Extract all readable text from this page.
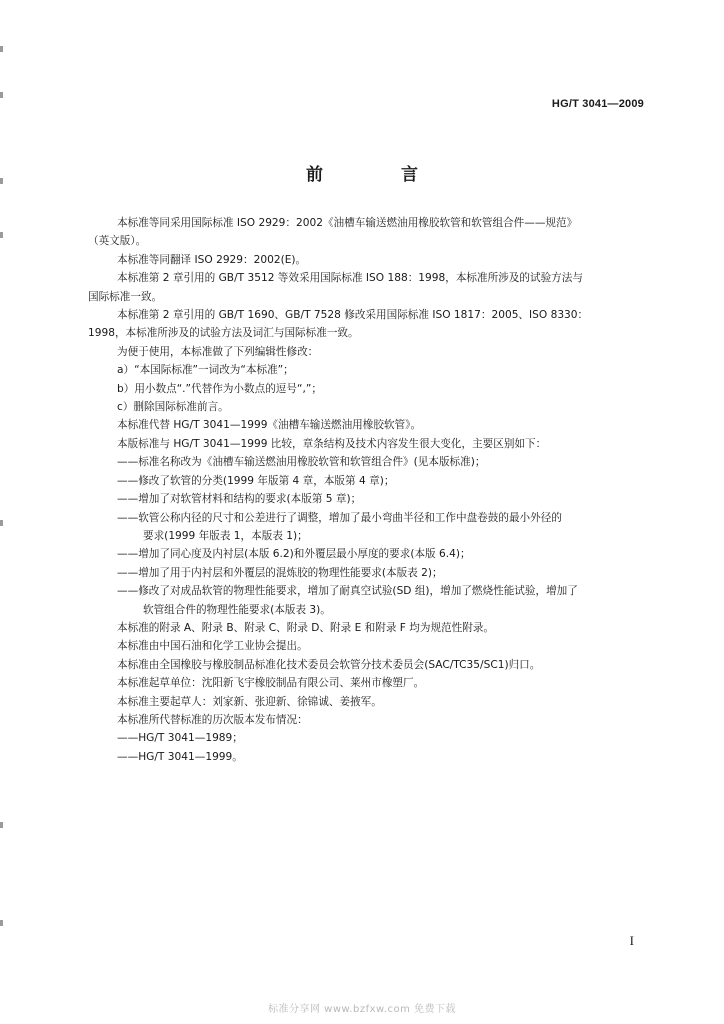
HG/T 3041—2009
前 言

本标准等同采用国际标准 ISO 2929：2002《油槽车输送燃油用橡胶软管和软管组合件——规范》

（英文版）。

本标准等同翻译 ISO 2929：2002(E)。

本标准第 2 章引用的 GB/T 3512 等效采用国际标准 ISO 188：1998，本标准所涉及的试验方法与

国际标准一致。

本标准第 2 章引用的 GB/T 1690、GB/T 7528 修改采用国际标准 ISO 1817：2005、ISO 8330：

1998，本标准所涉及的试验方法及词汇与国际标准一致。

为便于使用，本标准做了下列编辑性修改：

a）“本国际标准”一词改为“本标准”；

b）用小数点“.”代替作为小数点的逗号“,”；

c）删除国际标准前言。

本标准代替 HG/T 3041—1999《油槽车输送燃油用橡胶软管》。

本版标准与 HG/T 3041—1999 比较，章条结构及技术内容发生很大变化，主要区别如下：

——标准名称改为《油槽车输送燃油用橡胶软管和软管组合件》(见本版标准)；

——修改了软管的分类(1999 年版第 4 章，本版第 4 章)；

——增加了对软管材料和结构的要求(本版第 5 章)；

——软管公称内径的尺寸和公差进行了调整，增加了最小弯曲半径和工作中盘卷鼓的最小外径的

要求(1999 年版表 1，本版表 1)；

——增加了同心度及内衬层(本版 6.2)和外覆层最小厚度的要求(本版 6.4)；

——增加了用于内衬层和外覆层的混炼胶的物理性能要求(本版表 2)；

——修改了对成品软管的物理性能要求，增加了耐真空试验(SD 组)，增加了燃烧性能试验，增加了

软管组合件的物理性能要求(本版表 3)。

本标准的附录 A、附录 B、附录 C、附录 D、附录 E 和附录 F 均为规范性附录。

本标准由中国石油和化学工业协会提出。

本标准由全国橡胶与橡胶制品标准化技术委员会软管分技术委员会(SAC/TC35/SC1)归口。

本标准起草单位：沈阳新飞宇橡胶制品有限公司、莱州市橡塑厂。

本标准主要起草人：刘家新、张迎新、徐锦诚、姜掖军。

本标准所代替标准的历次版本发布情况：

——HG/T 3041—1989；

——HG/T 3041—1999。

I
标准分享网 www.bzfxw.com 免费下载
